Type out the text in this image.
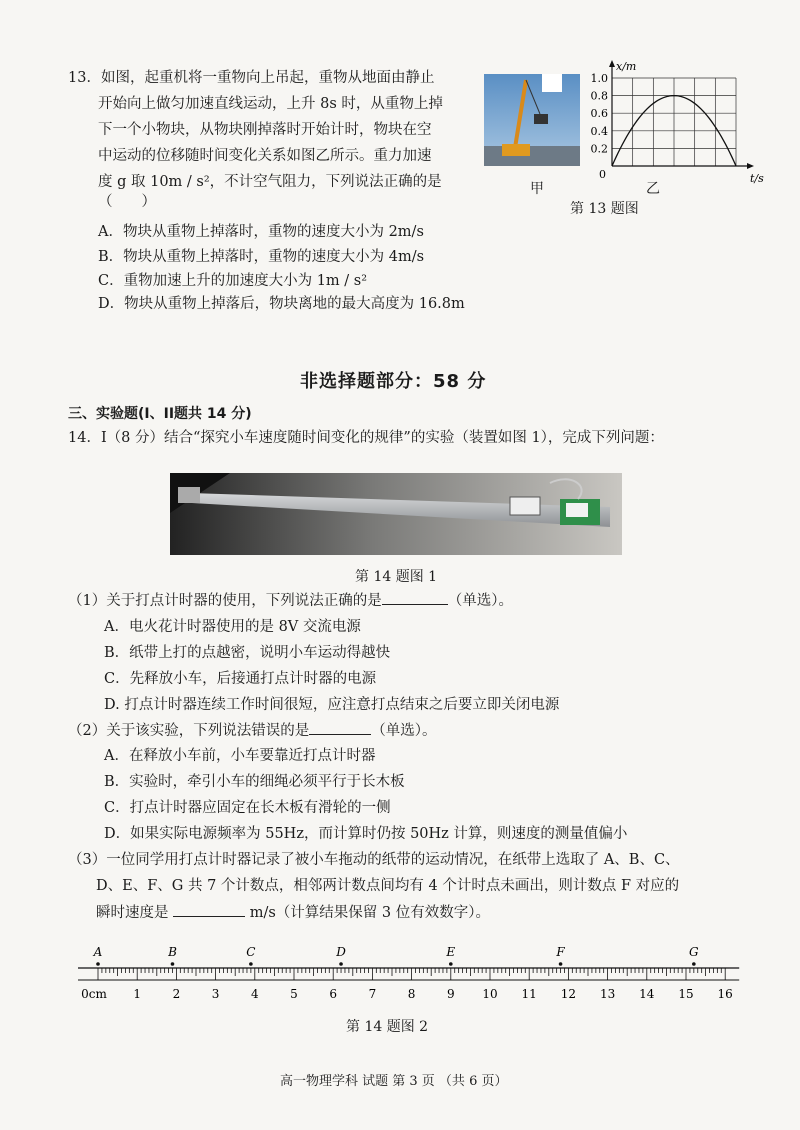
13．如图，起重机将一重物向上吊起，重物从地面由静止
开始向上做匀加速直线运动，上升 8s 时，从重物上掉
下一个小物块，从物块刚掉落时开始计时，物块在空
中运动的位移随时间变化关系如图乙所示。重力加速
度 g 取 10m / s²，不计空气阻力，下列说法正确的是
（　　）
A．物块从重物上掉落时，重物的速度大小为 2m/s
B．物块从重物上掉落时，重物的速度大小为 4m/s
C．重物加速上升的加速度大小为 1m / s²
D．物块从重物上掉落后，物块离地的最大高度为 16.8m
甲
1.0
0.8
0.6
0.4
0.2
0
x/m
t/s
乙
第 13 题图
非选择题部分：58 分
三、实验题(I、II题共 14 分)
14．I（8 分）结合“探究小车速度随时间变化的规律”的实验（装置如图 1），完成下列问题：
第 14 题图 1
（1）关于打点计时器的使用，下列说法正确的是	（单选）。
A．电火花计时器使用的是 8V 交流电源
B．纸带上打的点越密，说明小车运动得越快
C．先释放小车，后接通打点计时器的电源
D. 打点计时器连续工作时间很短，应注意打点结束之后要立即关闭电源
（2）关于该实验，下列说法错误的是	（单选）。
A．在释放小车前，小车要靠近打点计时器
B．实验时，牵引小车的细绳必须平行于长木板
C．打点计时器应固定在长木板有滑轮的一侧
D．如果实际电源频率为 55Hz，而计算时仍按 50Hz 计算，则速度的测量值偏小
（3）一位同学用打点计时器记录了被小车拖动的纸带的运动情况，在纸带上选取了 A、B、C、
D、E、F、G 共 7 个计数点，相邻两计数点间均有 4 个计时点未画出，则计数点 F 对应的
瞬时速度是	m/s（计算结果保留 3 位有效数字）。
A	B	C	D	E	F	G
0cm 1	2	3	4	5	6	7	8	9 10 11 12 13 14 15 16
第 14 题图 2
高一物理学科 试题 第 3 页 （共 6 页）
